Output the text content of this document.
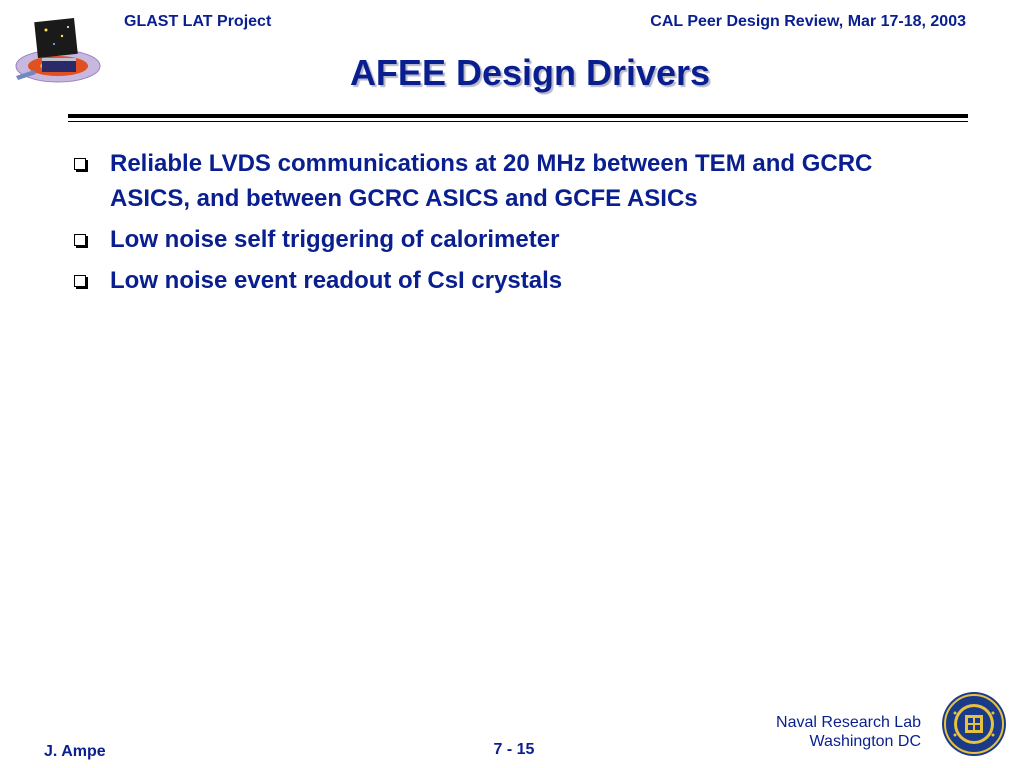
GLAST LAT Project	CAL Peer Design Review, Mar 17-18, 2003
AFEE Design Drivers
Reliable LVDS communications at 20 MHz between TEM and GCRC ASICS, and between GCRC ASICS and GCFE ASICs
Low noise self triggering of calorimeter
Low noise event readout of CsI crystals
J. Ampe	7 - 15
Naval Research Lab
Washington DC
